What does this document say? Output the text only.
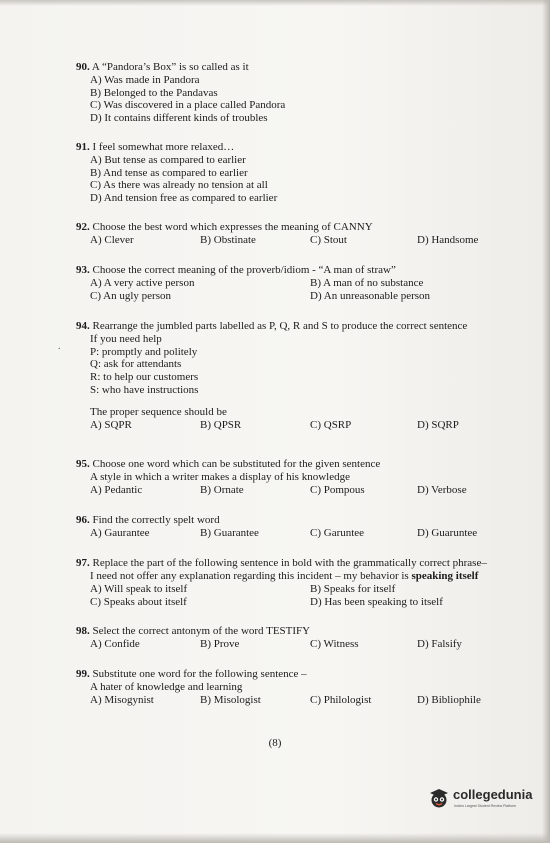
90. A “Pandora’s Box” is so called as it
A) Was made in Pandora
B) Belonged to the Pandavas
C) Was discovered in a place called Pandora
D) It contains different kinds of troubles
91. I feel somewhat more relaxed…
A) But tense as compared to earlier
B) And tense as compared to earlier
C) As there was already no tension at all
D) And tension free as compared to earlier
92. Choose the best word which expresses the meaning of CANNY
A) Clever	B) Obstinate	C) Stout	D) Handsome
93. Choose the correct meaning of the proverb/idiom - “A man of straw”
A) A very active person	B) A man of no substance
C) An ugly person	D) An unreasonable person
94. Rearrange the jumbled parts labelled as P, Q, R and S to produce the correct sentence
If you need help
P: promptly and politely
Q: ask for attendants
R: to help our customers
S: who have instructions
The proper sequence should be
A) SQPR	B) QPSR	C) QSRP	D) SQRP
95. Choose one word which can be substituted for the given sentence
A style in which a writer makes a display of his knowledge
A) Pedantic	B) Ornate	C) Pompous	D) Verbose
96. Find the correctly spelt word
A) Gaurantee	B) Guarantee	C) Garuntee	D) Guaruntee
97. Replace the part of the following sentence in bold with the grammatically correct phrase–
I need not offer any explanation regarding this incident – my behavior is speaking itself
A) Will speak to itself	B) Speaks for itself
C) Speaks about itself	D) Has been speaking to itself
98. Select the correct antonym of the word TESTIFY
A) Confide	B) Prove	C) Witness	D) Falsify
99. Substitute one word for the following sentence –
A hater of knowledge and learning
A) Misogynist	B) Misologist	C) Philologist	D) Bibliophile
.
(8)
collegedunia
India's Largest Student Review Platform
